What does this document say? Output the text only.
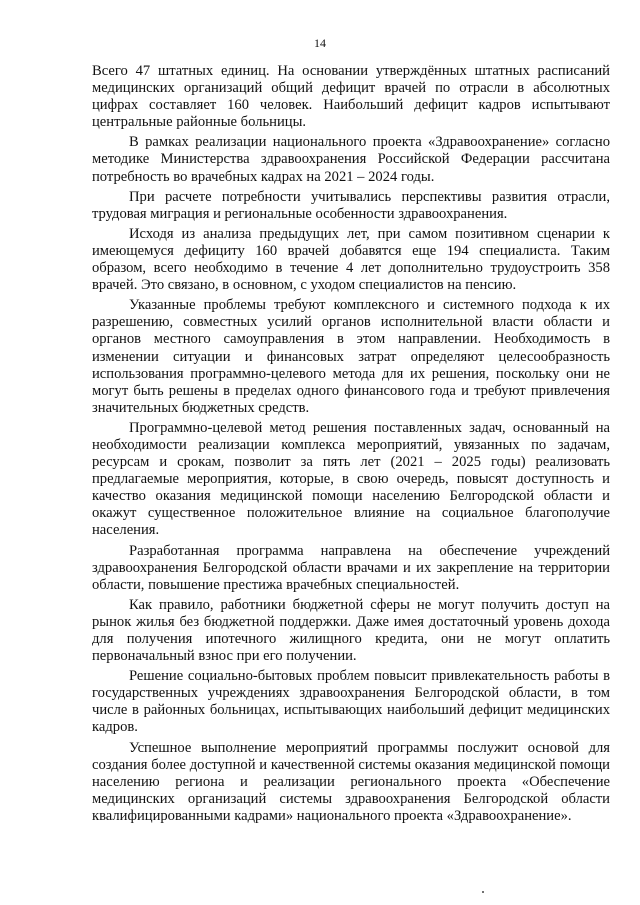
14

Всего 47 штатных единиц. На основании утверждённых штатных расписаний медицинских организаций общий дефицит врачей по отрасли в абсолютных цифрах составляет 160 человек. Наибольший дефицит кадров испытывают центральные районные больницы.

В рамках реализации национального проекта «Здравоохранение» согласно методике Министерства здравоохранения Российской Федерации рассчитана потребность во врачебных кадрах на 2021 – 2024 годы.

При расчете потребности учитывались перспективы развития отрасли, трудовая миграция и региональные особенности здравоохранения.

Исходя из анализа предыдущих лет, при самом позитивном сценарии к имеющемуся дефициту 160 врачей добавятся еще 194 специалиста. Таким образом, всего необходимо в течение 4 лет дополнительно трудоустроить 358 врачей. Это связано, в основном, с уходом специалистов на пенсию.

Указанные проблемы требуют комплексного и системного подхода к их разрешению, совместных усилий органов исполнительной власти области и органов местного самоуправления в этом направлении. Необходимость в изменении ситуации и финансовых затрат определяют целесообразность использования программно-целевого метода для их решения, поскольку они не могут быть решены в пределах одного финансового года и требуют привлечения значительных бюджетных средств.

Программно-целевой метод решения поставленных задач, основанный на необходимости реализации комплекса мероприятий, увязанных по задачам, ресурсам и срокам, позволит за пять лет (2021 – 2025 годы) реализовать предлагаемые мероприятия, которые, в свою очередь, повысят доступность и качество оказания медицинской помощи населению Белгородской области и окажут существенное положительное влияние на социальное благополучие населения.

Разработанная программа направлена на обеспечение учреждений здравоохранения Белгородской области врачами и их закрепление на территории области, повышение престижа врачебных специальностей.

Как правило, работники бюджетной сферы не могут получить доступ на рынок жилья без бюджетной поддержки. Даже имея достаточный уровень дохода для получения ипотечного жилищного кредита, они не могут оплатить первоначальный взнос при его получении.

Решение социально-бытовых проблем повысит привлекательность работы в государственных учреждениях здравоохранения Белгородской области, в том числе в районных больницах, испытывающих наибольший дефицит медицинских кадров.

Успешное выполнение мероприятий программы послужит основой для создания более доступной и качественной системы оказания медицинской помощи населению региона и реализации регионального проекта «Обеспечение медицинских организаций системы здравоохранения Белгородской области квалифицированными кадрами» национального проекта «Здравоохранение».
